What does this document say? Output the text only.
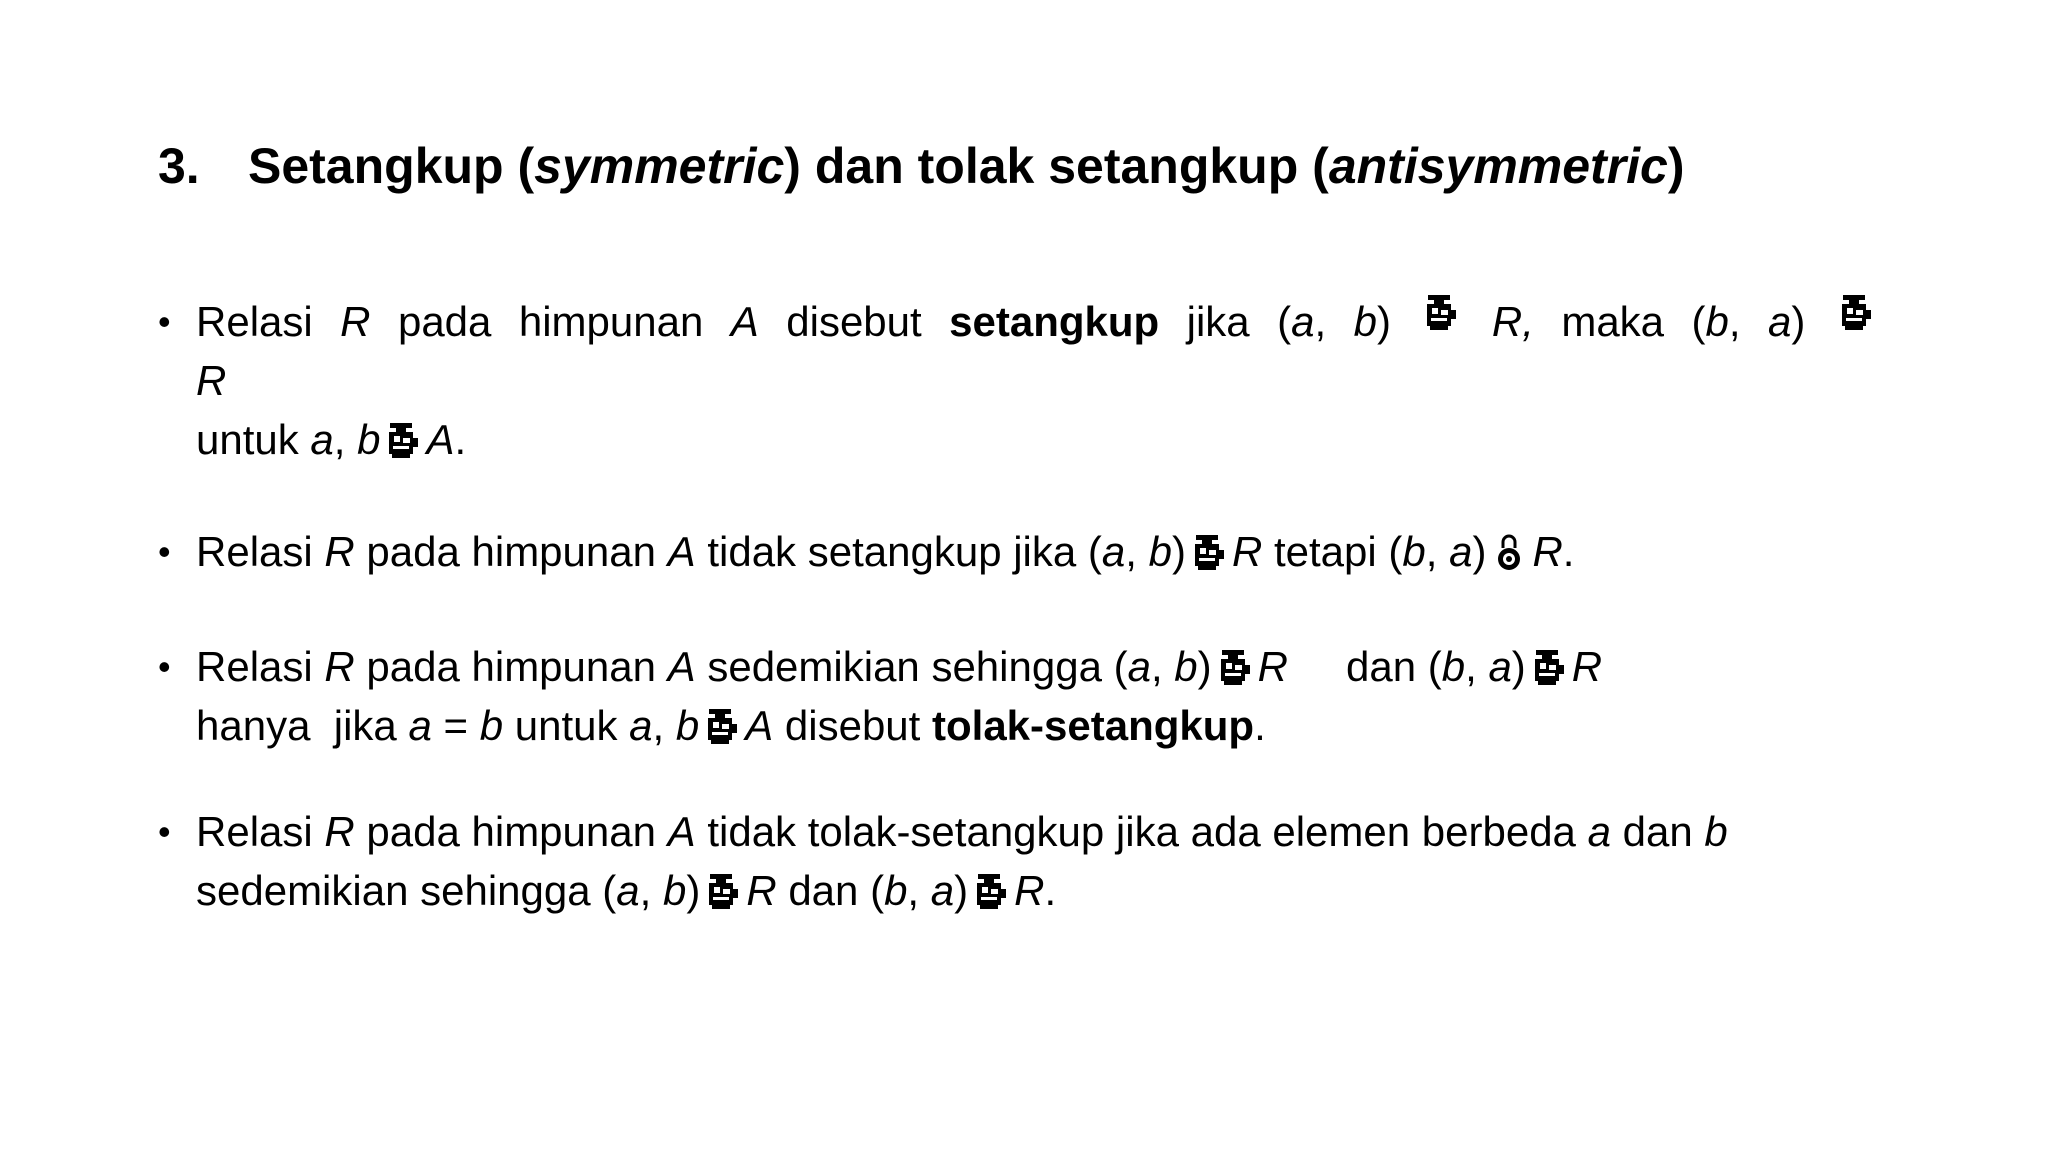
3. Setangkup (symmetric) dan tolak setangkup (antisymmetric)
• Relasi R pada himpunan A disebut setangkup jika (a, b) R, maka (b, a)
R
untuk a, b A.
• Relasi R pada himpunan A tidak setangkup jika (a, b) R tetapi (b, a) R.
• Relasi R pada himpunan A sedemikian sehingga (a, b) R dan (b, a) R
hanya  jika a = b untuk a, b A disebut tolak-setangkup.
• Relasi R pada himpunan A tidak tolak-setangkup jika ada elemen berbeda a dan b
sedemikian sehingga (a, b) R dan (b, a) R.
